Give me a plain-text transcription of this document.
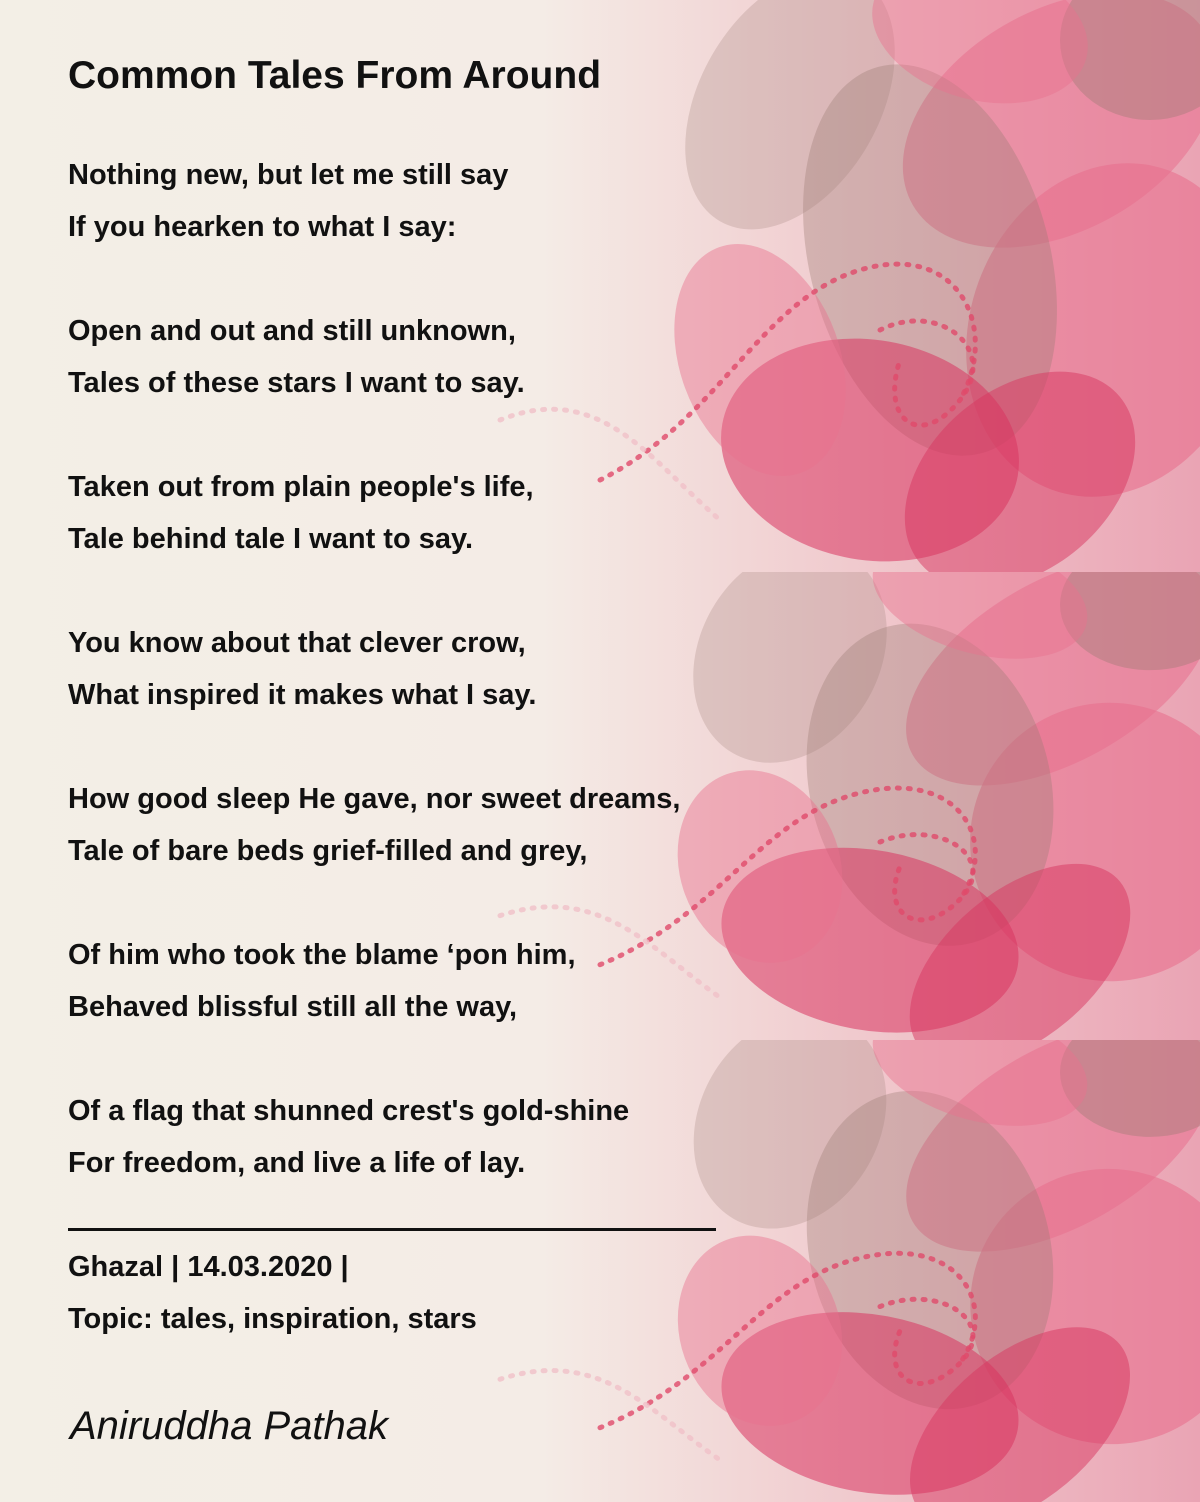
Common Tales From Around

Nothing new, but let me still say

If you hearken to what I say:

Open and out and still unknown,

Tales of these stars I want to say.

Taken out from plain people's life,

Tale behind tale I want to say.

You know about that clever crow,

What inspired it makes what I say.

How good sleep He gave, nor sweet dreams,

Tale of bare beds grief-filled and grey,

Of him who took the blame ‘pon him,

Behaved blissful still all the way,

Of a flag that shunned crest's gold-shine

For freedom, and live a life of lay.

Ghazal | 14.03.2020 |

Topic: tales, inspiration, stars

Aniruddha Pathak
